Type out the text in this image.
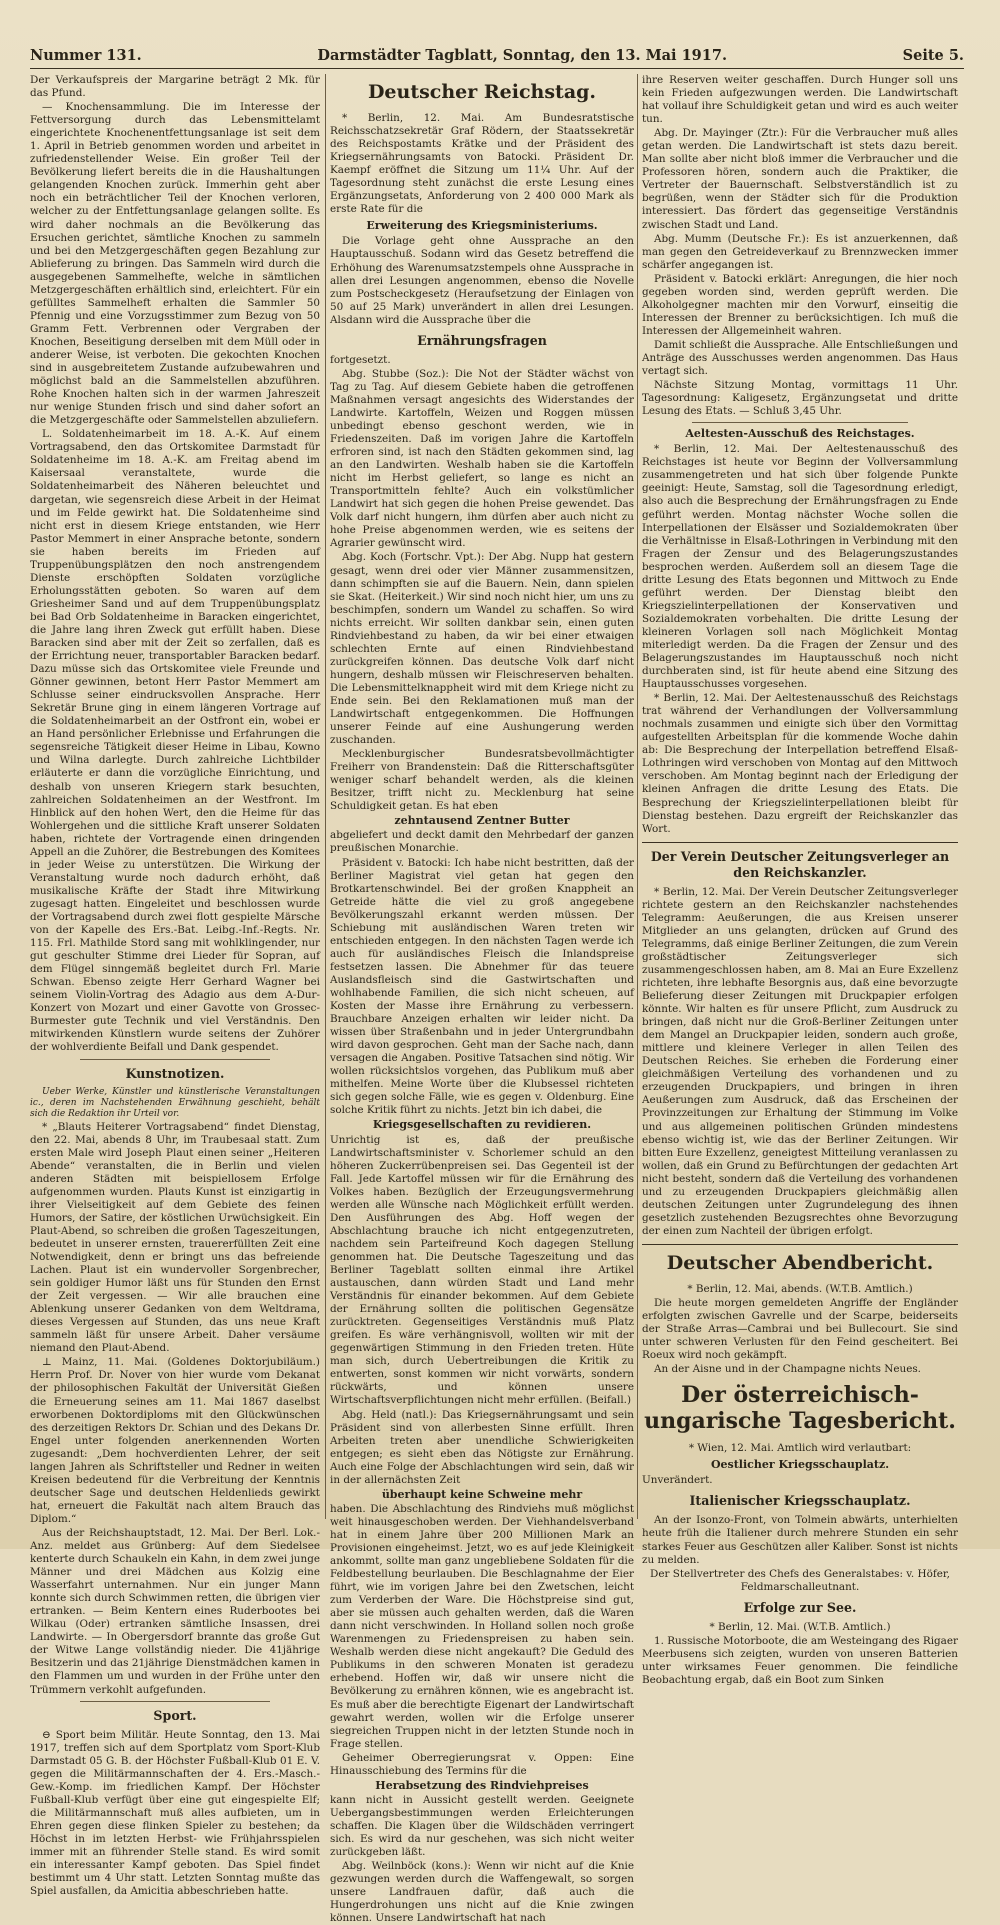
Nummer 131.	Darmstädter Tagblatt, Sonntag, den 13. Mai 1917.	Seite 5.

Der Verkaufspreis der Margarine beträgt 2 Mk. für das Pfund.

— Knochensammlung. Die im Interesse der Fettversorgung durch das Lebensmittelamt eingerichtete Knochenentfettungsanlage ist seit dem 1. April in Betrieb genommen worden und arbeitet in zufriedenstellender Weise. Ein großer Teil der Bevölkerung liefert bereits die in die Haushaltungen gelangenden Knochen zurück. Immerhin geht aber noch ein beträchtlicher Teil der Knochen verloren, welcher zu der Entfettungsanlage gelangen sollte. Es wird daher nochmals an die Bevölkerung das Ersuchen gerichtet, sämtliche Knochen zu sammeln und bei den Metzgergeschäften gegen Bezahlung zur Ablieferung zu bringen. Das Sammeln wird durch die ausgegebenen Sammelhefte, welche in sämtlichen Metzgergeschäften erhältlich sind, erleichtert. Für ein gefülltes Sammelheft erhalten die Sammler 50 Pfennig und eine Vorzugsstimmer zum Bezug von 50 Gramm Fett. Verbrennen oder Vergraben der Knochen, Beseitigung derselben mit dem Müll oder in anderer Weise, ist verboten. Die gekochten Knochen sind in ausgebreitetem Zustande aufzubewahren und möglichst bald an die Sammelstellen abzuführen. Rohe Knochen halten sich in der warmen Jahreszeit nur wenige Stunden frisch und sind daher sofort an die Metzgergeschäfte oder Sammelstellen abzuliefern.

L. Soldatenheimarbeit im 18. A.-K. Auf einem Vortragsabend, den das Ortskomitee Darmstadt für Soldatenheime im 18. A.-K. am Freitag abend im Kaisersaal veranstaltete, wurde die Soldatenheimarbeit des Näheren beleuchtet und dargetan, wie segensreich diese Arbeit in der Heimat und im Felde gewirkt hat. Die Soldatenheime sind nicht erst in diesem Kriege entstanden, wie Herr Pastor Memmert in einer Ansprache betonte, sondern sie haben bereits im Frieden auf Truppenübungsplätzen den noch anstrengendem Dienste erschöpften Soldaten vorzügliche Erholungsstätten geboten. So waren auf dem Griesheimer Sand und auf dem Truppenübungsplatz bei Bad Orb Soldatenheime in Baracken eingerichtet, die Jahre lang ihren Zweck gut erfüllt haben. Diese Baracken sind aber mit der Zeit so zerfallen, daß es der Errichtung neuer, transportabler Baracken bedarf. Dazu müsse sich das Ortskomitee viele Freunde und Gönner gewinnen, betont Herr Pastor Memmert am Schlusse seiner eindrucksvollen Ansprache. Herr Sekretär Brune ging in einem längeren Vortrage auf die Soldatenheimarbeit an der Ostfront ein, wobei er an Hand persönlicher Erlebnisse und Erfahrungen die segensreiche Tätigkeit dieser Heime in Libau, Kowno und Wilna darlegte. Durch zahlreiche Lichtbilder erläuterte er dann die vorzügliche Einrichtung, und deshalb von unseren Kriegern stark besuchten, zahlreichen Soldatenheimen an der Westfront. Im Hinblick auf den hohen Wert, den die Heime für das Wohlergehen und die sittliche Kraft unserer Soldaten haben, richtete der Vortragende einen dringenden Appell an die Zuhörer, die Bestrebungen des Komitees in jeder Weise zu unterstützen. Die Wirkung der Veranstaltung wurde noch dadurch erhöht, daß musikalische Kräfte der Stadt ihre Mitwirkung zugesagt hatten. Eingeleitet und beschlossen wurde der Vortragsabend durch zwei flott gespielte Märsche von der Kapelle des Ers.-Bat. Leibg.-Inf.-Regts. Nr. 115. Frl. Mathilde Stord sang mit wohlklingender, nur gut geschulter Stimme drei Lieder für Sopran, auf dem Flügel sinngemäß begleitet durch Frl. Marie Schwan. Ebenso zeigte Herr Gerhard Wagner bei seinem Violin-Vortrag des Adagio aus dem A-Dur-Konzert von Mozart und einer Gavotte von Grossec-Burmester gute Technik und viel Verständnis. Den mitwirkenden Künstlern wurde seitens der Zuhörer der wohlverdiente Beifall und Dank gespendet.

Kunstnotizen.

Ueber Werke, Künstler und künstlerische Veranstaltungen ic., deren im Nachstehenden Erwähnung geschieht, behält sich die Redaktion ihr Urteil vor.

* „Blauts Heiterer Vortragsabend“ findet Dienstag, den 22. Mai, abends 8 Uhr, im Traubesaal statt. Zum ersten Male wird Joseph Plaut einen seiner „Heiteren Abende“ veranstalten, die in Berlin und vielen anderen Städten mit beispiellosem Erfolge aufgenommen wurden. Plauts Kunst ist einzigartig in ihrer Vielseitigkeit auf dem Gebiete des feinen Humors, der Satire, der köstlichen Urwüchsigkeit. Ein Plaut-Abend, so schreiben die großen Tageszeitungen, bedeutet in unserer ernsten, trauererfüllten Zeit eine Notwendigkeit, denn er bringt uns das befreiende Lachen. Plaut ist ein wundervoller Sorgenbrecher, sein goldiger Humor läßt uns für Stunden den Ernst der Zeit vergessen. — Wir alle brauchen eine Ablenkung unserer Gedanken von dem Weltdrama, dieses Vergessen auf Stunden, das uns neue Kraft sammeln läßt für unsere Arbeit. Daher versäume niemand den Plaut-Abend.

⊥ Mainz, 11. Mai. (Goldenes Doktorjubiläum.) Herrn Prof. Dr. Nover von hier wurde vom Dekanat der philosophischen Fakultät der Universität Gießen die Erneuerung seines am 11. Mai 1867 daselbst erworbenen Doktordiploms mit den Glückwünschen des derzeitigen Rektors Dr. Schian und des Dekans Dr. Engel unter folgenden anerkennenden Worten zugesandt: „Dem hochverdienten Lehrer, der seit langen Jahren als Schriftsteller und Redner in weiten Kreisen bedeutend für die Verbreitung der Kenntnis deutscher Sage und deutschen Heldenlieds gewirkt hat, erneuert die Fakultät nach altem Brauch das Diplom.“

Aus der Reichshauptstadt, 12. Mai. Der Berl. Lok.-Anz. meldet aus Grünberg: Auf dem Siedelsee kenterte durch Schaukeln ein Kahn, in dem zwei junge Männer und drei Mädchen aus Kolzig eine Wasserfahrt unternahmen. Nur ein junger Mann konnte sich durch Schwimmen retten, die übrigen vier ertranken. — Beim Kentern eines Ruderbootes bei Wilkau (Oder) ertranken sämtliche Insassen, drei Landwirte. — In Obergersdorf brannte das große Gut der Witwe Lange vollständig nieder. Die 41jährige Besitzerin und das 21jährige Dienstmädchen kamen in den Flammen um und wurden in der Frühe unter den Trümmern verkohlt aufgefunden.

Sport.

⊖ Sport beim Militär. Heute Sonntag, den 13. Mai 1917, treffen sich auf dem Sportplatz vom Sport-Klub Darmstadt 05 G. B. der Höchster Fußball-Klub 01 E. V. gegen die Militärmannschaften der 4. Ers.-Masch.-Gew.-Komp. im friedlichen Kampf. Der Höchster Fußball-Klub verfügt über eine gut eingespielte Elf; die Militärmannschaft muß alles aufbieten, um in Ehren gegen diese flinken Spieler zu bestehen; da Höchst in im letzten Herbst- wie Frühjahrsspielen immer mit an führender Stelle stand. Es wird somit ein interessanter Kampf geboten. Das Spiel findet bestimmt um 4 Uhr statt. Letzten Sonntag mußte das Spiel ausfallen, da Amicitia abbeschrieben hatte.

Deutscher Reichstag.

* Berlin, 12. Mai. Am Bundesratstische Reichsschatzsekretär Graf Rödern, der Staatssekretär des Reichspostamts Krätke und der Präsident des Kriegsernährungsamts von Batocki. Präsident Dr. Kaempf eröffnet die Sitzung um 11¼ Uhr. Auf der Tagesordnung steht zunächst die erste Lesung eines Ergänzungsetats, Anforderung von 2 400 000 Mark als erste Rate für die

Erweiterung des Kriegsministeriums.

Die Vorlage geht ohne Aussprache an den Hauptausschuß. Sodann wird das Gesetz betreffend die Erhöhung des Warenumsatzstempels ohne Aussprache in allen drei Lesungen angenommen, ebenso die Novelle zum Postscheckgesetz (Heraufsetzung der Einlagen von 50 auf 25 Mark) unverändert in allen drei Lesungen. Alsdann wird die Aussprache über die

Ernährungsfragen

fortgesetzt.

Abg. Stubbe (Soz.): Die Not der Städter wächst von Tag zu Tag. Auf diesem Gebiete haben die getroffenen Maßnahmen versagt angesichts des Widerstandes der Landwirte. Kartoffeln, Weizen und Roggen müssen unbedingt ebenso geschont werden, wie in Friedenszeiten. Daß im vorigen Jahre die Kartoffeln erfroren sind, ist nach den Städten gekommen sind, lag an den Landwirten. Weshalb haben sie die Kartoffeln nicht im Herbst geliefert, so lange es nicht an Transportmitteln fehlte? Auch ein volkstümlicher Landwirt hat sich gegen die hohen Preise gewendet. Das Volk darf nicht hungern, ihm dürfen aber auch nicht zu hohe Preise abgenommen werden, wie es seitens der Agrarier gewünscht wird.

Abg. Koch (Fortschr. Vpt.): Der Abg. Nupp hat gestern gesagt, wenn drei oder vier Männer zusammensitzen, dann schimpften sie auf die Bauern. Nein, dann spielen sie Skat. (Heiterkeit.) Wir sind noch nicht hier, um uns zu beschimpfen, sondern um Wandel zu schaffen. So wird nichts erreicht. Wir sollten dankbar sein, einen guten Rindviehbestand zu haben, da wir bei einer etwaigen schlechten Ernte auf einen Rindviehbestand zurückgreifen können. Das deutsche Volk darf nicht hungern, deshalb müssen wir Fleischreserven behalten. Die Lebensmittelknappheit wird mit dem Kriege nicht zu Ende sein. Bei den Reklamationen muß man der Landwirtschaft entgegenkommen. Die Hoffnungen unserer Feinde auf eine Aushungerung werden zuschanden.

Mecklenburgischer Bundesratsbevollmächtigter Freiherr von Brandenstein: Daß die Ritterschaftsgüter weniger scharf behandelt werden, als die kleinen Besitzer, trifft nicht zu. Mecklenburg hat seine Schuldigkeit getan. Es hat eben

zehntausend Zentner Butter

abgeliefert und deckt damit den Mehrbedarf der ganzen preußischen Monarchie.

Präsident v. Batocki: Ich habe nicht bestritten, daß der Berliner Magistrat viel getan hat gegen den Brotkartenschwindel. Bei der großen Knappheit an Getreide hätte die viel zu groß angegebene Bevölkerungszahl erkannt werden müssen. Der Schiebung mit ausländischen Waren treten wir entschieden entgegen. In den nächsten Tagen werde ich auch für ausländisches Fleisch die Inlandspreise festsetzen lassen. Die Abnehmer für das teuere Auslandsfleisch sind die Gastwirtschaften und wohlhabende Familien, die sich nicht scheuen, auf Kosten der Masse ihre Ernährung zu verbessern. Brauchbare Anzeigen erhalten wir leider nicht. Da wissen über Straßenbahn und in jeder Untergrundbahn wird davon gesprochen. Geht man der Sache nach, dann versagen die Angaben. Positive Tatsachen sind nötig. Wir wollen rücksichtslos vorgehen, das Publikum muß aber mithelfen. Meine Worte über die Klubsessel richteten sich gegen solche Fälle, wie es gegen v. Oldenburg. Eine solche Kritik führt zu nichts. Jetzt bin ich dabei, die

Kriegsgesellschaften zu revidieren.

Unrichtig ist es, daß der preußische Landwirtschaftsminister v. Schorlemer schuld an den höheren Zuckerrübenpreisen sei. Das Gegenteil ist der Fall. Jede Kartoffel müssen wir für die Ernährung des Volkes haben. Bezüglich der Erzeugungsvermehrung werden alle Wünsche nach Möglichkeit erfüllt werden. Den Ausführungen des Abg. Hoff wegen der Abschlachtung brauche ich nicht entgegenzutreten, nachdem sein Parteifreund Koch dagegen Stellung genommen hat. Die Deutsche Tageszeitung und das Berliner Tageblatt sollten einmal ihre Artikel austauschen, dann würden Stadt und Land mehr Verständnis für einander bekommen. Auf dem Gebiete der Ernährung sollten die politischen Gegensätze zurücktreten. Gegenseitiges Verständnis muß Platz greifen. Es wäre verhängnisvoll, wollten wir mit der gegenwärtigen Stimmung in den Frieden treten. Hüte man sich, durch Uebertreibungen die Kritik zu entwerten, sonst kommen wir nicht vorwärts, sondern rückwärts, und können unsere Wirtschaftsverpflichtungen nicht mehr erfüllen. (Beifall.)

Abg. Held (natl.): Das Kriegsernährungsamt und sein Präsident sind von allerbesten Sinne erfüllt. Ihren Arbeiten treten aber unendliche Schwierigkeiten entgegen; es sieht eben das Nötigste zur Ernährung. Auch eine Folge der Abschlachtungen wird sein, daß wir in der allernächsten Zeit

überhaupt keine Schweine mehr

haben. Die Abschlachtung des Rindviehs muß möglichst weit hinausgeschoben werden. Der Viehhandelsverband hat in einem Jahre über 200 Millionen Mark an Provisionen eingeheimst. Jetzt, wo es auf jede Kleinigkeit ankommt, sollte man ganz ungebliebene Soldaten für die Feldbestellung beurlauben. Die Beschlagnahme der Eier führt, wie im vorigen Jahre bei den Zwetschen, leicht zum Verderben der Ware. Die Höchstpreise sind gut, aber sie müssen auch gehalten werden, daß die Waren dann nicht verschwinden. In Holland sollen noch große Warenmengen zu Friedenspreisen zu haben sein. Weshalb werden diese nicht angekauft? Die Geduld des Publikums in den schweren Monaten ist geradezu erhebend. Hoffen wir, daß wir unsere nicht die Bevölkerung zu ernähren können, wie es angebracht ist. Es muß aber die berechtigte Eigenart der Landwirtschaft gewahrt werden, wollen wir die Erfolge unserer siegreichen Truppen nicht in der letzten Stunde noch in Frage stellen.

Geheimer Oberregierungsrat v. Oppen: Eine Hinausschiebung des Termins für die

Herabsetzung des Rindviehpreises

kann nicht in Aussicht gestellt werden. Geeignete Uebergangsbestimmungen werden Erleichterungen schaffen. Die Klagen über die Wildschäden verringert sich. Es wird da nur geschehen, was sich nicht weiter zurückgeben läßt.

Abg. Weilnböck (kons.): Wenn wir nicht auf die Knie gezwungen werden durch die Waffengewalt, so sorgen unsere Landfrauen dafür, daß auch die Hungerdrohungen uns nicht auf die Knie zwingen können. Unsere Landwirtschaft hat nach

ihre Reserven weiter geschaffen. Durch Hunger soll uns kein Frieden aufgezwungen werden. Die Landwirtschaft hat vollauf ihre Schuldigkeit getan und wird es auch weiter tun.

Abg. Dr. Mayinger (Ztr.): Für die Verbraucher muß alles getan werden. Die Landwirtschaft ist stets dazu bereit. Man sollte aber nicht bloß immer die Verbraucher und die Professoren hören, sondern auch die Praktiker, die Vertreter der Bauernschaft. Selbstverständlich ist zu begrüßen, wenn der Städter sich für die Produktion interessiert. Das fördert das gegenseitige Verständnis zwischen Stadt und Land.

Abg. Mumm (Deutsche Fr.): Es ist anzuerkennen, daß man gegen den Getreideverkauf zu Brennzwecken immer schärfer angegangen ist.

Präsident v. Batocki erklärt: Anregungen, die hier noch gegeben worden sind, werden geprüft werden. Die Alkoholgegner machten mir den Vorwurf, einseitig die Interessen der Brenner zu berücksichtigen. Ich muß die Interessen der Allgemeinheit wahren.

Damit schließt die Aussprache. Alle Entschließungen und Anträge des Ausschusses werden angenommen. Das Haus vertagt sich.

Nächste Sitzung Montag, vormittags 11 Uhr. Tagesordnung: Kaligesetz, Ergänzungsetat und dritte Lesung des Etats. — Schluß 3,45 Uhr.

Aeltesten-Ausschuß des Reichstages.

* Berlin, 12. Mai. Der Aeltestenausschuß des Reichstages ist heute vor Beginn der Vollversammlung zusammengetreten und hat sich über folgende Punkte geeinigt: Heute, Samstag, soll die Tagesordnung erledigt, also auch die Besprechung der Ernährungsfragen zu Ende geführt werden. Montag nächster Woche sollen die Interpellationen der Elsässer und Sozialdemokraten über die Verhältnisse in Elsaß-Lothringen in Verbindung mit den Fragen der Zensur und des Belagerungszustandes besprochen werden. Außerdem soll an diesem Tage die dritte Lesung des Etats begonnen und Mittwoch zu Ende geführt werden. Der Dienstag bleibt den Kriegszielinterpellationen der Konservativen und Sozialdemokraten vorbehalten. Die dritte Lesung der kleineren Vorlagen soll nach Möglichkeit Montag miterledigt werden. Da die Fragen der Zensur und des Belagerungszustandes im Hauptausschuß noch nicht durchberaten sind, ist für heute abend eine Sitzung des Hauptausschusses vorgesehen.

* Berlin, 12. Mai. Der Aeltestenausschuß des Reichstags trat während der Verhandlungen der Vollversammlung nochmals zusammen und einigte sich über den Vormittag aufgestellten Arbeitsplan für die kommende Woche dahin ab: Die Besprechung der Interpellation betreffend Elsaß-Lothringen wird verschoben von Montag auf den Mittwoch verschoben. Am Montag beginnt nach der Erledigung der kleinen Anfragen die dritte Lesung des Etats. Die Besprechung der Kriegszielinterpellationen bleibt für Dienstag bestehen. Dazu ergreift der Reichskanzler das Wort.

Der Verein Deutscher Zeitungsverleger an den Reichskanzler.

* Berlin, 12. Mai. Der Verein Deutscher Zeitungsverleger richtete gestern an den Reichskanzler nachstehendes Telegramm: Aeußerungen, die aus Kreisen unserer Mitglieder an uns gelangten, drücken auf Grund des Telegramms, daß einige Berliner Zeitungen, die zum Verein großstädtischer Zeitungsverleger sich zusammengeschlossen haben, am 8. Mai an Eure Exzellenz richteten, ihre lebhafte Besorgnis aus, daß eine bevorzugte Belieferung dieser Zeitungen mit Druckpapier erfolgen könnte. Wir halten es für unsere Pflicht, zum Ausdruck zu bringen, daß nicht nur die Groß-Berliner Zeitungen unter dem Mangel an Druckpapier leiden, sondern auch große, mittlere und kleinere Verleger in allen Teilen des Deutschen Reiches. Sie erheben die Forderung einer gleichmäßigen Verteilung des vorhandenen und zu erzeugenden Druckpapiers, und bringen in ihren Aeußerungen zum Ausdruck, daß das Erscheinen der Provinzzeitungen zur Erhaltung der Stimmung im Volke und aus allgemeinen politischen Gründen mindestens ebenso wichtig ist, wie das der Berliner Zeitungen. Wir bitten Eure Exzellenz, geneigtest Mitteilung veranlassen zu wollen, daß ein Grund zu Befürchtungen der gedachten Art nicht besteht, sondern daß die Verteilung des vorhandenen und zu erzeugenden Druckpapiers gleichmäßig allen deutschen Zeitungen unter Zugrundelegung des ihnen gesetzlich zustehenden Bezugsrechtes ohne Bevorzugung der einen zum Nachteil der übrigen erfolgt.

Deutscher Abendbericht.

* Berlin, 12. Mai, abends. (W.T.B. Amtlich.)

Die heute morgen gemeldeten Angriffe der Engländer erfolgten zwischen Gavrelle und der Scarpe, beiderseits der Straße Arras—Cambrai und bei Bullecourt. Sie sind unter schweren Verlusten für den Feind gescheitert. Bei Roeux wird noch gekämpft.

An der Aisne und in der Champagne nichts Neues.

Der österreichisch-ungarische Tagesbericht.

* Wien, 12. Mai. Amtlich wird verlautbart:

Oestlicher Kriegsschauplatz.

Unverändert.

Italienischer Kriegsschauplatz.

An der Isonzo-Front, von Tolmein abwärts, unterhielten heute früh die Italiener durch mehrere Stunden ein sehr starkes Feuer aus Geschützen aller Kaliber. Sonst ist nichts zu melden.

Der Stellvertreter des Chefs des Generalstabes: v. Höfer, Feldmarschalleutnant.

Erfolge zur See.

* Berlin, 12. Mai. (W.T.B. Amtlich.)

1. Russische Motorboote, die am Westeingang des Rigaer Meerbusens sich zeigten, wurden von unseren Batterien unter wirksames Feuer genommen. Die feindliche Beobachtung ergab, daß ein Boot zum Sinken
